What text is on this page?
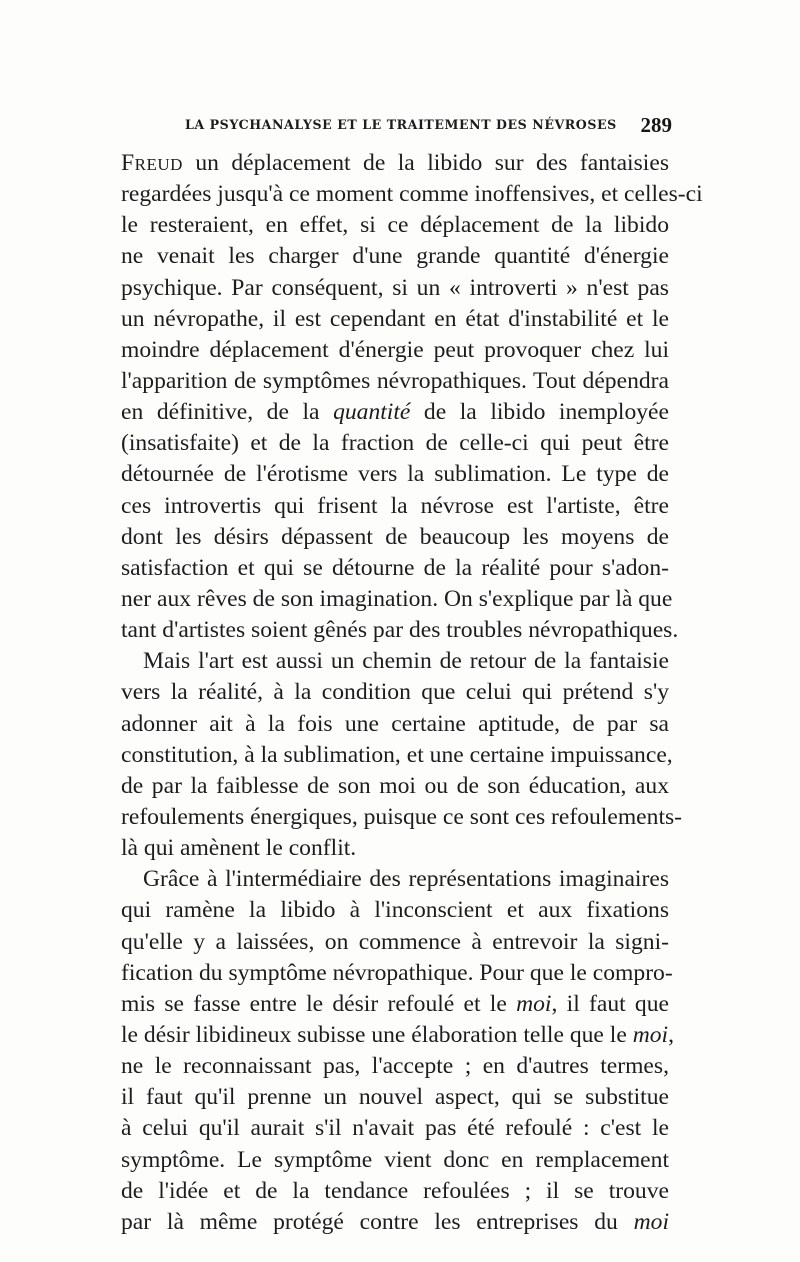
LA PSYCHANALYSE ET LE TRAITEMENT DES NÉVROSES 289
Freud un déplacement de la libido sur des fantaisies
regardées jusqu'à ce moment comme inoffensives, et celles-ci
le resteraient, en effet, si ce déplacement de la libido
ne venait les charger d'une grande quantité d'énergie
psychique. Par conséquent, si un « introverti » n'est pas
un névropathe, il est cependant en état d'instabilité et le
moindre déplacement d'énergie peut provoquer chez lui
l'apparition de symptômes névropathiques. Tout dépendra
en définitive, de la quantité de la libido inemployée
(insatisfaite) et de la fraction de celle-ci qui peut être
détournée de l'érotisme vers la sublimation. Le type de
ces introvertis qui frisent la névrose est l'artiste, être
dont les désirs dépassent de beaucoup les moyens de
satisfaction et qui se détourne de la réalité pour s'adon-
ner aux rêves de son imagination. On s'explique par là que
tant d'artistes soient gênés par des troubles névropathiques.
Mais l'art est aussi un chemin de retour de la fantaisie
vers la réalité, à la condition que celui qui prétend s'y
adonner ait à la fois une certaine aptitude, de par sa
constitution, à la sublimation, et une certaine impuissance,
de par la faiblesse de son moi ou de son éducation, aux
refoulements énergiques, puisque ce sont ces refoulements-
là qui amènent le conflit.
Grâce à l'intermédiaire des représentations imaginaires
qui ramène la libido à l'inconscient et aux fixations
qu'elle y a laissées, on commence à entrevoir la signi-
fication du symptôme névropathique. Pour que le compro-
mis se fasse entre le désir refoulé et le moi, il faut que
le désir libidineux subisse une élaboration telle que le moi,
ne le reconnaissant pas, l'accepte ; en d'autres termes,
il faut qu'il prenne un nouvel aspect, qui se substitue
à celui qu'il aurait s'il n'avait pas été refoulé : c'est le
symptôme. Le symptôme vient donc en remplacement
de l'idée et de la tendance refoulées ; il se trouve
par là même protégé contre les entreprises du moi
